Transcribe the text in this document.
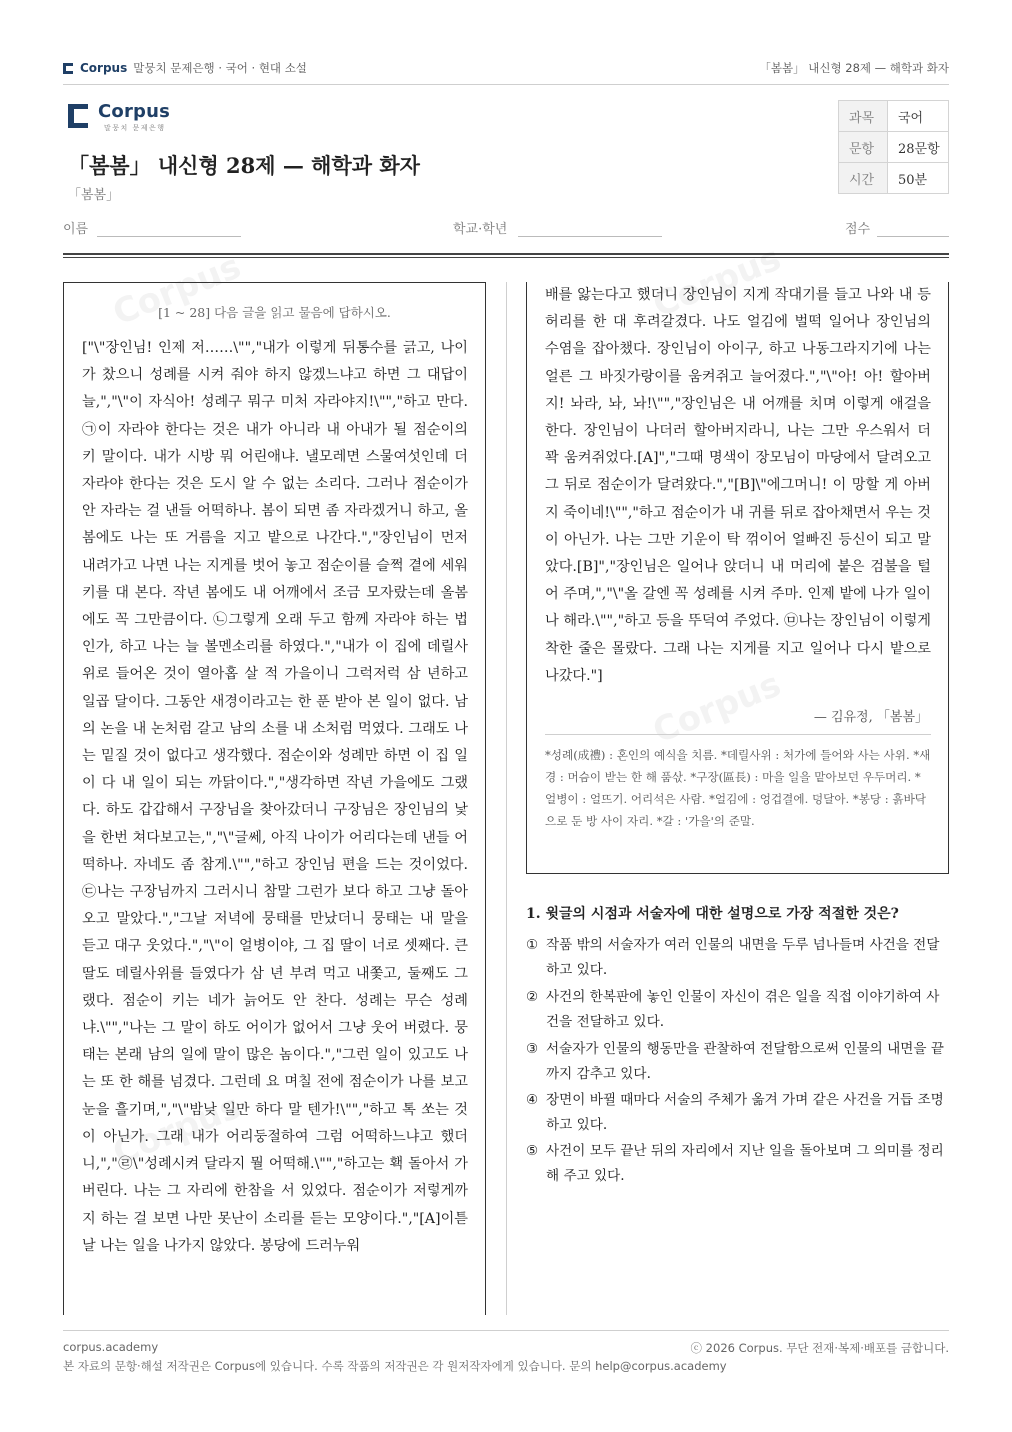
Corpus 말뭉치 문제은행 · 국어 · 현대 소설	「봄봄」 내신형 28제 — 해학과 화자
Corpus
말뭉치 문제은행
「봄봄」 내신형 28제 — 해학과 화자
「봄봄」
과목	국어
문항	28문항
시간	50분
이름	학교·학년	점수
[1 ~ 28] 다음 글을 읽고 물음에 답하시오.

["\"장인님! 인제 저……\"","내가 이렇게 뒤통수를 긁고, 나이가 찼으니 성례를 시켜 줘야 하지 않겠느냐고 하면 그 대답이 늘,","\"이 자식아! 성례구 뭐구 미처 자라야지!\"","하고 만다. ㉠이 자라야 한다는 것은 내가 아니라 내 아내가 될 점순이의 키 말이다. 내가 시방 뭐 어린애냐. 낼모레면 스물여섯인데 더 자라야 한다는 것은 도시 알 수 없는 소리다. 그러나 점순이가 안 자라는 걸 낸들 어떡하나. 봄이 되면 좀 자라겠거니 하고, 올봄에도 나는 또 거름을 지고 밭으로 나간다.","장인님이 먼저 내려가고 나면 나는 지게를 벗어 놓고 점순이를 슬쩍 곁에 세워 키를 대 본다. 작년 봄에도 내 어깨에서 조금 모자랐는데 올봄에도 꼭 그만큼이다. ㉡그렇게 오래 두고 함께 자라야 하는 법인가, 하고 나는 늘 볼멘소리를 하였다.","내가 이 집에 데릴사위로 들어온 것이 열아홉 살 적 가을이니 그럭저럭 삼 년하고 일곱 달이다. 그동안 새경이라고는 한 푼 받아 본 일이 없다. 남의 논을 내 논처럼 갈고 남의 소를 내 소처럼 먹였다. 그래도 나는 밑질 것이 없다고 생각했다. 점순이와 성례만 하면 이 집 일이 다 내 일이 되는 까닭이다.","생각하면 작년 가을에도 그랬다. 하도 갑갑해서 구장님을 찾아갔더니 구장님은 장인님의 낯을 한번 쳐다보고는,","\"글쎄, 아직 나이가 어리다는데 낸들 어떡하나. 자네도 좀 참게.\"","하고 장인님 편을 드는 것이었다. ㉢나는 구장님까지 그러시니 참말 그런가 보다 하고 그냥 돌아오고 말았다.","그날 저녁에 뭉태를 만났더니 뭉태는 내 말을 듣고 대구 웃었다.","\"이 얼병이야, 그 집 딸이 너로 셋째다. 큰딸도 데릴사위를 들였다가 삼 년 부려 먹고 내쫓고, 둘째도 그랬다. 점순이 키는 네가 늙어도 안 찬다. 성례는 무슨 성례냐.\"","나는 그 말이 하도 어이가 없어서 그냥 웃어 버렸다. 뭉태는 본래 남의 일에 말이 많은 놈이다.","그런 일이 있고도 나는 또 한 해를 넘겼다. 그런데 요 며칠 전에 점순이가 나를 보고 눈을 흘기며,","\"밤낮 일만 하다 말 텐가!\"","하고 톡 쏘는 것이 아닌가. 그래 내가 어리둥절하여 그럼 어떡하느냐고 했더니,","㉣\"성례시켜 달라지 뭘 어떡해.\"","하고는 홱 돌아서 가 버린다. 나는 그 자리에 한참을 서 있었다. 점순이가 저렇게까지 하는 걸 보면 나만 못난이 소리를 듣는 모양이다.","[A]이튿날 나는 일을 나가지 않았다. 봉당에 드러누워

배를 앓는다고 했더니 장인님이 지게 작대기를 들고 나와 내 등허리를 한 대 후려갈겼다. 나도 얼김에 벌떡 일어나 장인님의 수염을 잡아챘다. 장인님이 아이구, 하고 나동그라지기에 나는 얼른 그 바짓가랑이를 움켜쥐고 늘어졌다.","\"아! 아! 할아버지! 놔라, 놔, 놔!\"","장인님은 내 어깨를 치며 이렇게 애걸을 한다. 장인님이 나더러 할아버지라니, 나는 그만 우스워서 더 꽉 움켜쥐었다.[A]","그때 명색이 장모님이 마당에서 달려오고 그 뒤로 점순이가 달려왔다.","[B]\"에그머니! 이 망할 게 아버지 죽이네!\"","하고 점순이가 내 귀를 뒤로 잡아채면서 우는 것이 아닌가. 나는 그만 기운이 탁 꺾이어 얼빠진 등신이 되고 말았다.[B]","장인님은 일어나 앉더니 내 머리에 붙은 검불을 털어 주며,","\"올 갈엔 꼭 성례를 시켜 주마. 인제 밭에 나가 일이나 해라.\"","하고 등을 뚜덕여 주었다. ㉤나는 장인님이 이렇게 착한 줄은 몰랐다. 그래 나는 지게를 지고 일어나 다시 밭으로 나갔다."]

— 김유정, 「봄봄」

*성례(成禮) : 혼인의 예식을 치름. *데릴사위 : 처가에 들어와 사는 사위. *새경 : 머슴이 받는 한 해 품삯. *구장(區長) : 마을 일을 맡아보던 우두머리. *얼병이 : 얼뜨기. 어리석은 사람. *얼김에 : 엉겁결에. 덩달아. *봉당 : 흙바닥으로 둔 방 사이 자리. *갈 : '가을'의 준말.

1. 윗글의 시점과 서술자에 대한 설명으로 가장 적절한 것은?
① 작품 밖의 서술자가 여러 인물의 내면을 두루 넘나들며 사건을 전달하고 있다.
② 사건의 한복판에 놓인 인물이 자신이 겪은 일을 직접 이야기하여 사건을 전달하고 있다.
③ 서술자가 인물의 행동만을 관찰하여 전달함으로써 인물의 내면을 끝까지 감추고 있다.
④ 장면이 바뀔 때마다 서술의 주체가 옮겨 가며 같은 사건을 거듭 조명하고 있다.
⑤ 사건이 모두 끝난 뒤의 자리에서 지난 일을 돌아보며 그 의미를 정리해 주고 있다.
corpus.academy	ⓒ 2026 Corpus. 무단 전재·복제·배포를 금합니다.
본 자료의 문항·해설 저작권은 Corpus에 있습니다. 수록 작품의 저작권은 각 원저작자에게 있습니다. 문의 help@corpus.academy
